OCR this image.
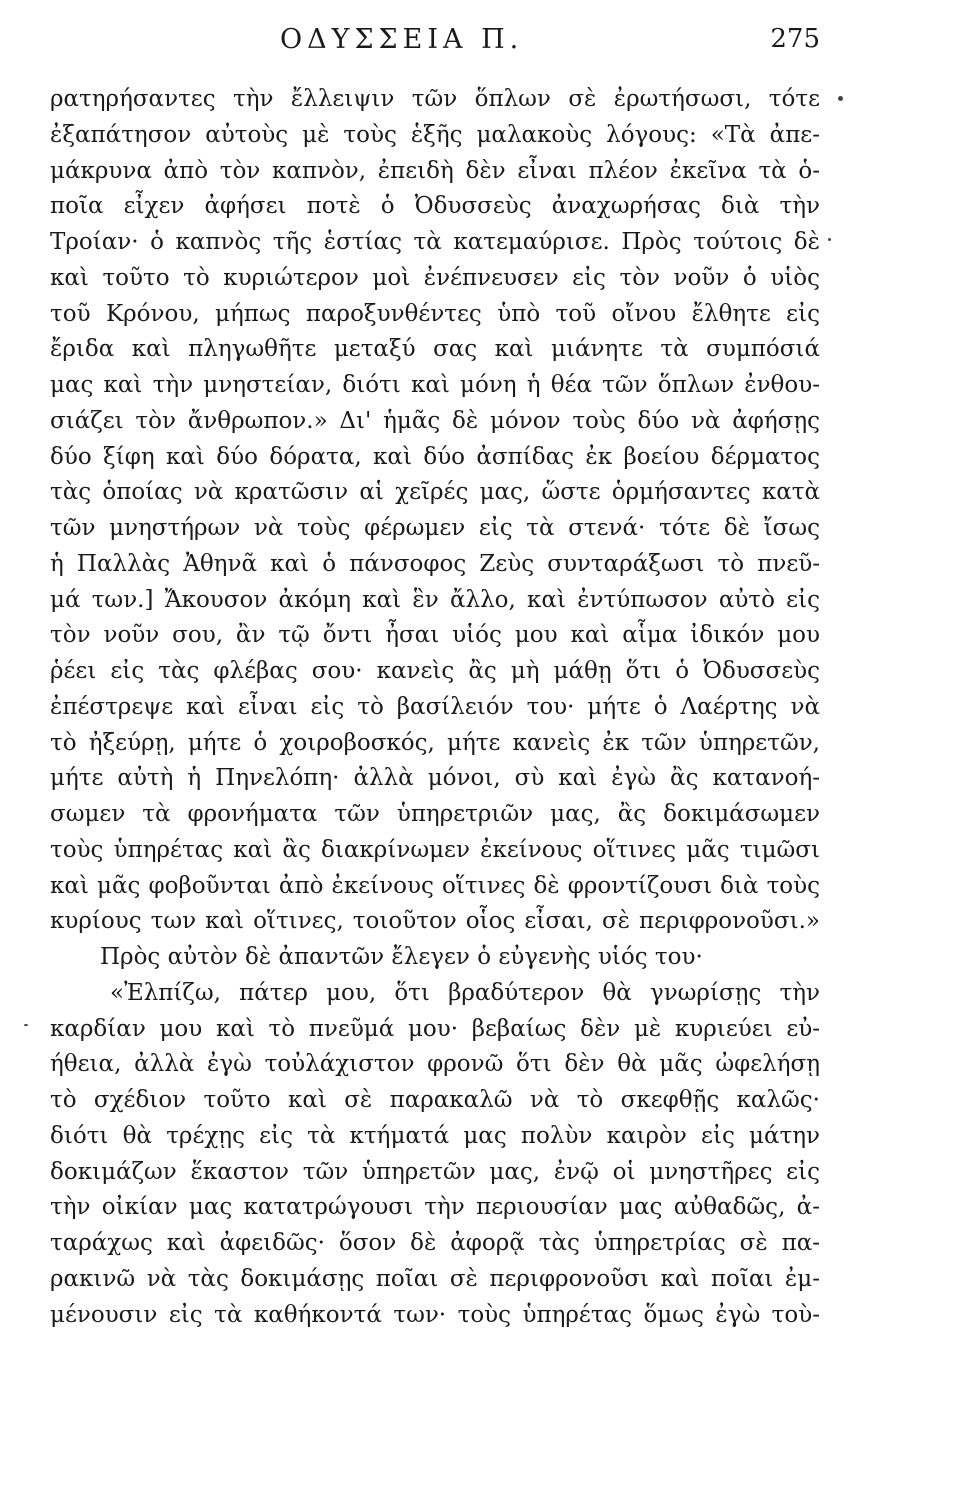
ΟΔΥΣΣΕΙΑ Π.	275
ρατηρήσαντες τὴν ἔλλειψιν τῶν ὅπλων σὲ ἐρωτήσωσι, τότε
ἐξαπάτησον αὐτοὺς μὲ τοὺς ἑξῆς μαλακοὺς λόγους: «Τὰ ἀπε-
μάκρυνα ἀπὸ τὸν καπνὸν, ἐπειδὴ δὲν εἶναι πλέον ἐκεῖνα τὰ ὁ-
ποῖα εἶχεν ἀφήσει ποτὲ ὁ Ὀδυσσεὺς ἀναχωρήσας διὰ τὴν
Τροίαν· ὁ καπνὸς τῆς ἑστίας τὰ κατεμαύρισε. Πρὸς τούτοις δὲ
καὶ τοῦτο τὸ κυριώτερον μοὶ ἐνέπνευσεν εἰς τὸν νοῦν ὁ υἱὸς
τοῦ Κρόνου, μήπως παροξυνθέντες ὑπὸ τοῦ οἴνου ἔλθητε εἰς
ἔριδα καὶ πληγωθῆτε μεταξύ σας καὶ μιάνητε τὰ συμπόσιά
μας καὶ τὴν μνηστείαν, διότι καὶ μόνη ἡ θέα τῶν ὅπλων ἐνθου-
σιάζει τὸν ἄνθρωπον.» Δι' ἡμᾶς δὲ μόνον τοὺς δύο νὰ ἀφήσῃς
δύο ξίφη καὶ δύο δόρατα, καὶ δύο ἀσπίδας ἐκ βοείου δέρματος
τὰς ὁποίας νὰ κρατῶσιν αἱ χεῖρές μας, ὥστε ὁρμήσαντες κατὰ
τῶν μνηστήρων νὰ τοὺς φέρωμεν εἰς τὰ στενά· τότε δὲ ἴσως
ἡ Παλλὰς Ἀθηνᾶ καὶ ὁ πάνσοφος Ζεὺς συνταράξωσι τὸ πνεῦ-
μά των.] Ἄκουσον ἀκόμη καὶ ἓν ἄλλο, καὶ ἐντύπωσον αὐτὸ εἰς
τὸν νοῦν σου, ἂν τῷ ὄντι ἦσαι υἱός μου καὶ αἷμα ἰδικόν μου
ῥέει εἰς τὰς φλέβας σου· κανεὶς ἂς μὴ μάθῃ ὅτι ὁ Ὀδυσσεὺς
ἐπέστρεψε καὶ εἶναι εἰς τὸ βασίλειόν του· μήτε ὁ Λαέρτης νὰ
τὸ ἠξεύρῃ, μήτε ὁ χοιροβοσκός, μήτε κανεὶς ἐκ τῶν ὑπηρετῶν,
μήτε αὐτὴ ἡ Πηνελόπη· ἀλλὰ μόνοι, σὺ καὶ ἐγὼ ἂς κατανοή-
σωμεν τὰ φρονήματα τῶν ὑπηρετριῶν μας, ἂς δοκιμάσωμεν
τοὺς ὑπηρέτας καὶ ἂς διακρίνωμεν ἐκείνους οἵτινες μᾶς τιμῶσι
καὶ μᾶς φοβοῦνται ἀπὸ ἐκείνους οἵτινες δὲ φροντίζουσι διὰ τοὺς
κυρίους των καὶ οἵτινες, τοιοῦτον οἷος εἶσαι, σὲ περιφρονοῦσι.»
Πρὸς αὐτὸν δὲ ἀπαντῶν ἔλεγεν ὁ εὐγενὴς υἱός του·
«Ἐλπίζω, πάτερ μου, ὅτι βραδύτερον θὰ γνωρίσῃς τὴν
καρδίαν μου καὶ τὸ πνεῦμά μου· βεβαίως δὲν μὲ κυριεύει εὐ-
ήθεια, ἀλλὰ ἐγὼ τοὐλάχιστον φρονῶ ὅτι δὲν θὰ μᾶς ὠφελήσῃ
τὸ σχέδιον τοῦτο καὶ σὲ παρακαλῶ νὰ τὸ σκεφθῇς καλῶς·
διότι θὰ τρέχῃς εἰς τὰ κτήματά μας πολὺν καιρὸν εἰς μάτην
δοκιμάζων ἕκαστον τῶν ὑπηρετῶν μας, ἐνῷ οἱ μνηστῆρες εἰς
τὴν οἰκίαν μας κατατρώγουσι τὴν περιουσίαν μας αὐθαδῶς, ἀ-
ταράχως καὶ ἀφειδῶς· ὅσον δὲ ἀφορᾷ τὰς ὑπηρετρίας σὲ πα-
ρακινῶ νὰ τὰς δοκιμάσῃς ποῖαι σὲ περιφρονοῦσι καὶ ποῖαι ἐμ-
μένουσιν εἰς τὰ καθήκοντά των· τοὺς ὑπηρέτας ὅμως ἐγὼ τοὺ-
